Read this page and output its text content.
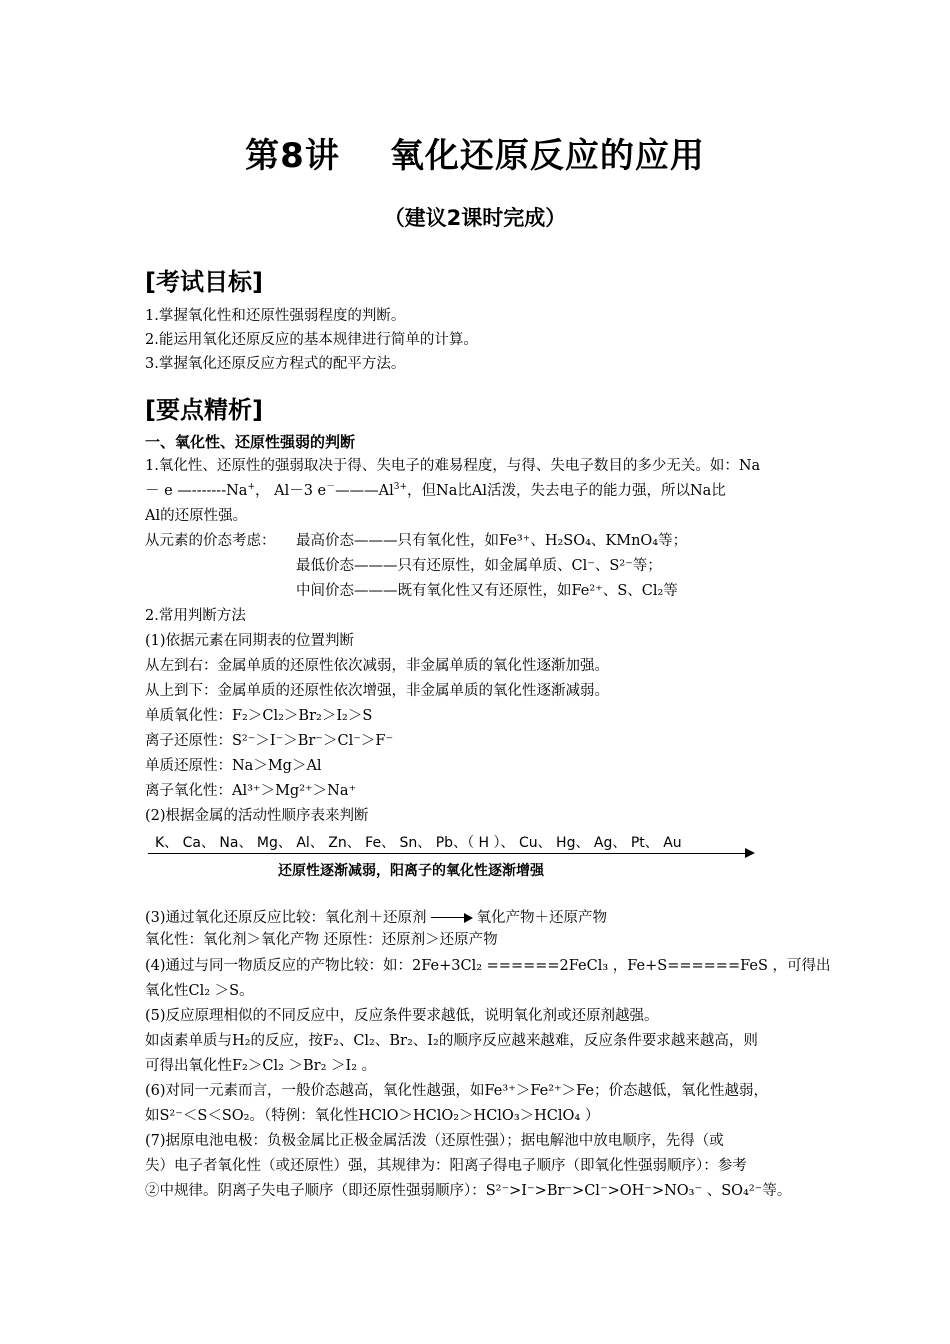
第8讲 氧化还原反应的应用
（建议2课时完成）
[考试目标]
1.掌握氧化性和还原性强弱程度的判断。
2.能运用氧化还原反应的基本规律进行简单的计算。
3.掌握氧化还原反应方程式的配平方法。
[要点精析]
一、氧化性、还原性强弱的判断
1.氧化性、还原性的强弱取决于得、失电子的难易程度，与得、失电子数目的多少无关。如：Na
－ e —-------Na+， Al－3 $e^-———Al^{3+}$，但Na比Al活泼，失去电子的能力强，所以Na比
Al的还原性强。
从元素的价态考虑： 最高价态———只有氧化性，如Fe³⁺、H₂SO₄、KMnO₄等；
最低价态———只有还原性，如金属单质、Cl⁻、S²⁻等；
中间价态———既有氧化性又有还原性，如Fe²⁺、S、Cl₂等
2.常用判断方法
(1)依据元素在同期表的位置判断
从左到右：金属单质的还原性依次减弱，非金属单质的氧化性逐渐加强。
从上到下：金属单质的还原性依次增强，非金属单质的氧化性逐渐减弱。
单质氧化性：F₂＞Cl₂＞Br₂＞I₂＞S
离子还原性：S²⁻＞I⁻＞Br⁻＞Cl⁻＞F⁻
单质还原性：Na＞Mg＞Al
离子氧化性：Al³⁺＞Mg²⁺＞Na⁺
(2)根据金属的活动性顺序表来判断
K、 Ca、 Na、 Mg、 Al、 Zn、 Fe、 Sn、 Pb、（ H ）、 Cu、 Hg、 Ag、 Pt、 Au
还原性逐渐减弱，阳离子的氧化性逐渐增强
(3)通过氧化还原反应比较：氧化剂＋还原剂	氧化产物＋还原产物
氧化性：氧化剂＞氧化产物 还原性：还原剂＞还原产物
(4)通过与同一物质反应的产物比较：如：2Fe+3Cl₂ ======2FeCl₃ ，Fe+S======FeS ，可得出
氧化性Cl₂ ＞S。
(5)反应原理相似的不同反应中，反应条件要求越低，说明氧化剂或还原剂越强。
如卤素单质与H₂的反应，按F₂、Cl₂、Br₂、I₂的顺序反应越来越难，反应条件要求越来越高，则
可得出氧化性F₂＞Cl₂ ＞Br₂ ＞I₂ 。
(6)对同一元素而言，一般价态越高，氧化性越强，如Fe³⁺＞Fe²⁺＞Fe；价态越低，氧化性越弱，
如S²⁻＜S＜SO₂。（特例：氧化性HClO＞HClO₂＞HClO₃＞HClO₄ ）
(7)据原电池电极：负极金属比正极金属活泼（还原性强）；据电解池中放电顺序，先得（或
失）电子者氧化性（或还原性）强，其规律为：阳离子得电子顺序（即氧化性强弱顺序）：参考
②中规律。阴离子失电子顺序（即还原性强弱顺序）：S²⁻>I⁻>Br⁻>Cl⁻>OH⁻>NO₃⁻ 、SO₄²⁻等。
